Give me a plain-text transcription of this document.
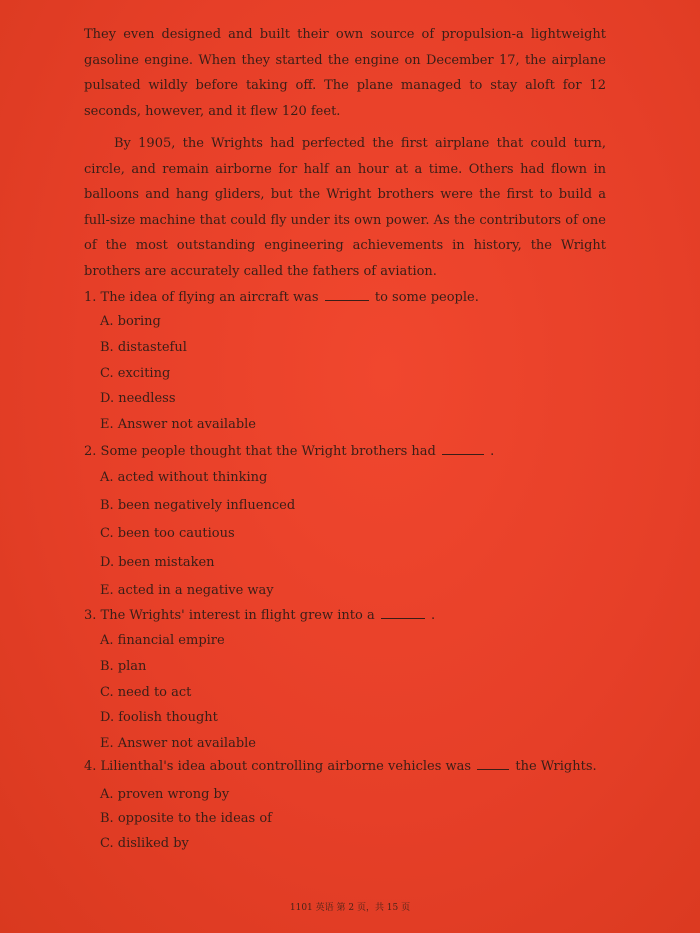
They even designed and built their own source of propulsion-a lightweight gasoline engine. When they started the engine on December 17, the airplane pulsated wildly before taking off. The plane managed to stay aloft for 12 seconds, however, and it flew 120 feet.

By 1905, the Wrights had perfected the first airplane that could turn, circle, and remain airborne for half an hour at a time. Others had flown in balloons and hang gliders, but the Wright brothers were the first to build a full-size machine that could fly under its own power. As the contributors of one of the most outstanding engineering achievements in history, the Wright brothers are accurately called the fathers of aviation.

1. The idea of flying an aircraft was	to some people.
A. boring
B. distasteful
C. exciting
D. needless
E. Answer not available
2. Some people thought that the Wright brothers had	.
A. acted without thinking
B. been negatively influenced
C. been too cautious
D. been mistaken
E. acted in a negative way
3. The Wrights' interest in flight grew into a	.
A. financial empire
B. plan
C. need to act
D. foolish thought
E. Answer not available
4. Lilienthal's idea about controlling airborne vehicles was	the Wrights.
A. proven wrong by
B. opposite to the ideas of
C. disliked by
1101 英语 第 2 页，共 15 页
